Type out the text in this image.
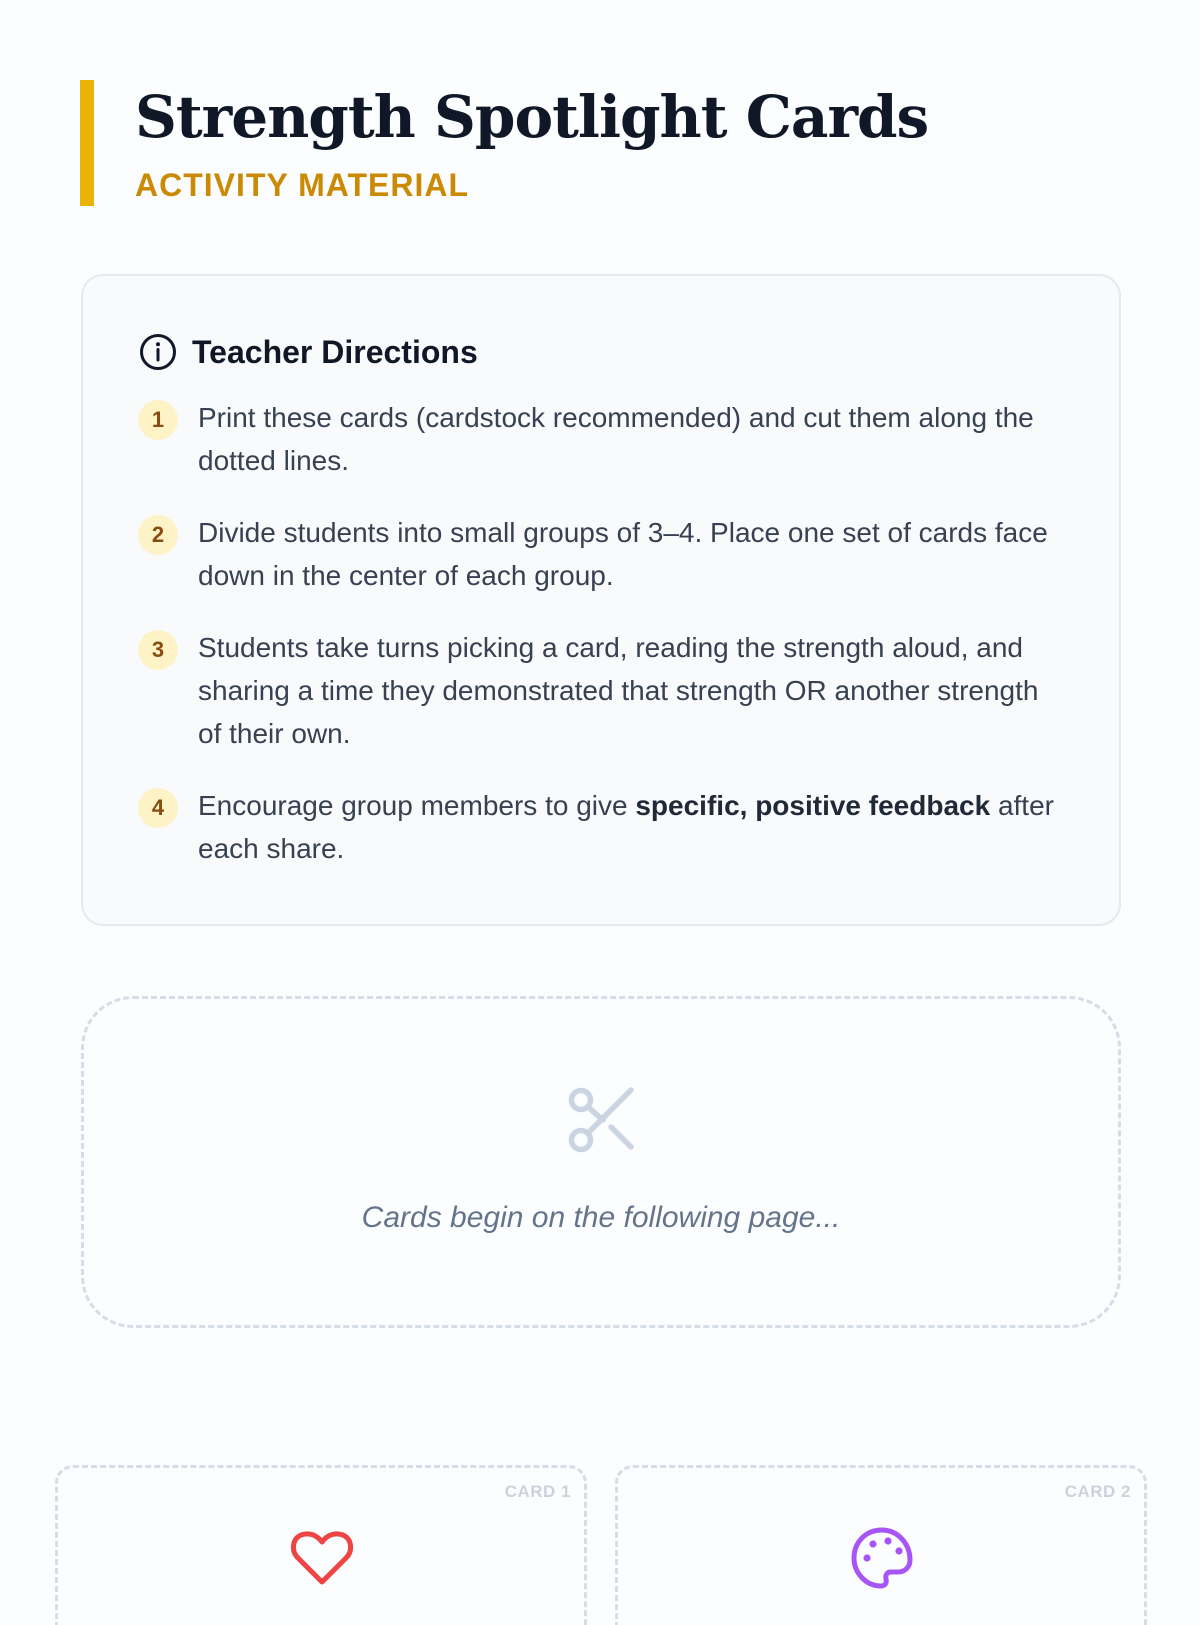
Strength Spotlight Cards
ACTIVITY MATERIAL
Teacher Directions
1	Print these cards (cardstock recommended) and cut them along the dotted lines.
2	Divide students into small groups of 3–4. Place one set of cards face down in the center of each group.
3	Students take turns picking a card, reading the strength aloud, and sharing a time they demonstrated that strength OR another strength of their own.
4	Encourage group members to give specific, positive feedback after each share.
Cards begin on the following page...
CARD 1	CARD 2
